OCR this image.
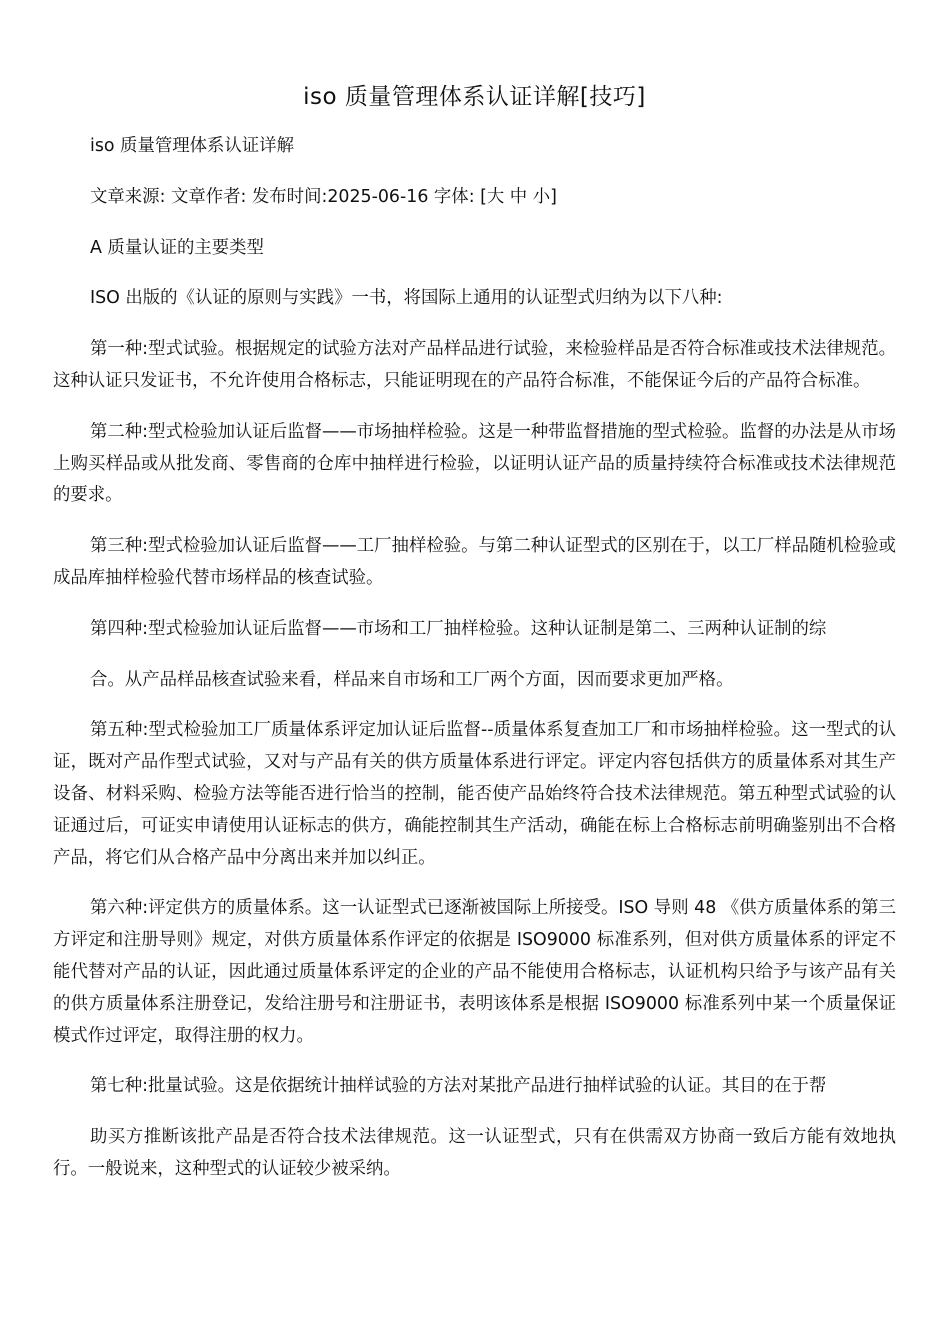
iso 质量管理体系认证详解[技巧]

iso 质量管理体系认证详解

文章来源: 文章作者: 发布时间:2025-06-16 字体: [大 中 小]

A 质量认证的主要类型

ISO 出版的《认证的原则与实践》一书，将国际上通用的认证型式归纳为以下八种:

第一种:型式试验。根据规定的试验方法对产品样品进行试验，来检验样品是否符合标准或技术法律规范。这种认证只发证书，不允许使用合格标志，只能证明现在的产品符合标准，不能保证今后的产品符合标准。

第二种:型式检验加认证后监督——市场抽样检验。这是一种带监督措施的型式检验。监督的办法是从市场上购买样品或从批发商、零售商的仓库中抽样进行检验，以证明认证产品的质量持续符合标准或技术法律规范的要求。

第三种:型式检验加认证后监督——工厂抽样检验。与第二种认证型式的区别在于，以工厂样品随机检验或成品库抽样检验代替市场样品的核查试验。

第四种:型式检验加认证后监督——市场和工厂抽样检验。这种认证制是第二、三两种认证制的综

合。从产品样品核查试验来看，样品来自市场和工厂两个方面，因而要求更加严格。

第五种:型式检验加工厂质量体系评定加认证后监督--质量体系复查加工厂和市场抽样检验。这一型式的认证，既对产品作型式试验，又对与产品有关的供方质量体系进行评定。评定内容包括供方的质量体系对其生产设备、材料采购、检验方法等能否进行恰当的控制，能否使产品始终符合技术法律规范。第五种型式试验的认证通过后，可证实申请使用认证标志的供方，确能控制其生产活动，确能在标上合格标志前明确鉴别出不合格产品，将它们从合格产品中分离出来并加以纠正。

第六种:评定供方的质量体系。这一认证型式已逐渐被国际上所接受。ISO 导则 48 《供方质量体系的第三方评定和注册导则》规定，对供方质量体系作评定的依据是 ISO9000 标准系列，但对供方质量体系的评定不能代替对产品的认证，因此通过质量体系评定的企业的产品不能使用合格标志，认证机构只给予与该产品有关的供方质量体系注册登记，发给注册号和注册证书，表明该体系是根据 ISO9000 标准系列中某一个质量保证模式作过评定，取得注册的权力。

第七种:批量试验。这是依据统计抽样试验的方法对某批产品进行抽样试验的认证。其目的在于帮

助买方推断该批产品是否符合技术法律规范。这一认证型式，只有在供需双方协商一致后方能有效地执行。一般说来，这种型式的认证较少被采纳。
